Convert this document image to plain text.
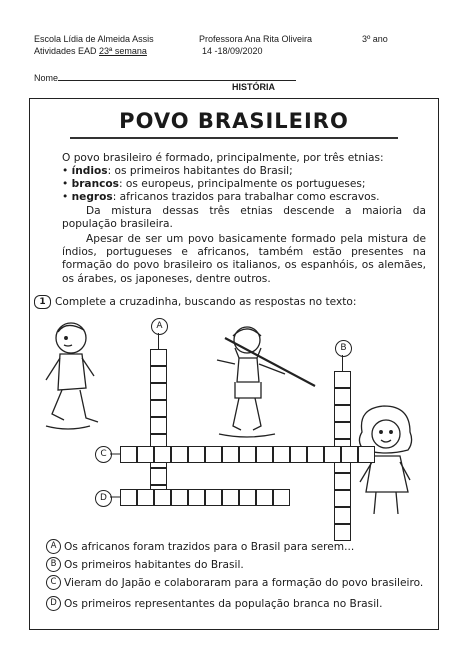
Escola Lídia de Almeida Assis	Professora Ana Rita Oliveira	3º ano
Atividades EAD 23ª semana	14 -18/09/2020
Nome
HISTÓRIA
POVO BRASILEIRO
O povo brasileiro é formado, principalmente, por três etnias:
• índios: os primeiros habitantes do Brasil;
• brancos: os europeus, principalmente os portugueses;
• negros: africanos trazidos para trabalhar como escravos.
Da mistura dessas três etnias descende a maioria da população brasileira.
Apesar de ser um povo basicamente formado pela mistura de índios, portugueses e africanos, também estão presentes na formação do povo brasileiro os italianos, os espanhóis, os alemães, os árabes, os japoneses, dentre outros.
1 Complete a cruzadinha, buscando as respostas no texto:
A
B
C
D
A Os africanos foram trazidos para o Brasil para serem...
B Os primeiros habitantes do Brasil.
C Vieram do Japão e colaboraram para a formação do povo brasileiro.
D Os primeiros representantes da população branca no Brasil.
